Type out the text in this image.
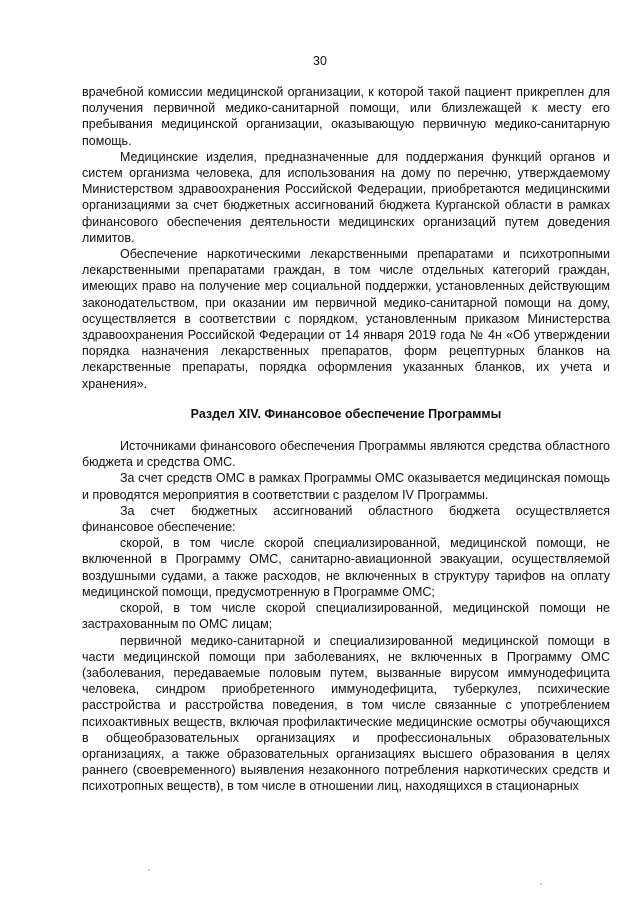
30

врачебной комиссии медицинской организации, к которой такой пациент прикреплен для получения первичной медико-санитарной помощи, или близлежащей к месту его пребывания медицинской организации, оказывающую первичную медико-санитарную помощь.

Медицинские изделия, предназначенные для поддержания функций органов и систем организма человека, для использования на дому по перечню, утверждаемому Министерством здравоохранения Российской Федерации, приобретаются медицинскими организациями за счет бюджетных ассигнований бюджета Курганской области в рамках финансового обеспечения деятельности медицинских организаций путем доведения лимитов.

Обеспечение наркотическими лекарственными препаратами и психотропными лекарственными препаратами граждан, в том числе отдельных категорий граждан, имеющих право на получение мер социальной поддержки, установленных действующим законодательством, при оказании им первичной медико-санитарной помощи на дому, осуществляется в соответствии с порядком, установленным приказом Министерства здравоохранения Российской Федерации от 14 января 2019 года № 4н «Об утверждении порядка назначения лекарственных препаратов, форм рецептурных бланков на лекарственные препараты, порядка оформления указанных бланков, их учета и хранения».

Раздел XIV. Финансовое обеспечение Программы

Источниками финансового обеспечения Программы являются средства областного бюджета и средства ОМС.

За счет средств ОМС в рамках Программы ОМС оказывается медицинская помощь и проводятся мероприятия в соответствии с разделом IV Программы.

За счет бюджетных ассигнований областного бюджета осуществляется финансовое обеспечение:

скорой, в том числе скорой специализированной, медицинской помощи, не включенной в Программу ОМС, санитарно-авиационной эвакуации, осуществляемой воздушными судами, а также расходов, не включенных в структуру тарифов на оплату медицинской помощи, предусмотренную в Программе ОМС;

скорой, в том числе скорой специализированной, медицинской помощи не застрахованным по ОМС лицам;

первичной медико-санитарной и специализированной медицинской помощи в части медицинской помощи при заболеваниях, не включенных в Программу ОМС (заболевания, передаваемые половым путем, вызванные вирусом иммунодефицита человека, синдром приобретенного иммунодефицита, туберкулез, психические расстройства и расстройства поведения, в том числе связанные с употреблением психоактивных веществ, включая профилактические медицинские осмотры обучающихся в общеобразовательных организациях и профессиональных образовательных организациях, а также образовательных организациях высшего образования в целях раннего (своевременного) выявления незаконного потребления наркотических средств и психотропных веществ), в том числе в отношении лиц, находящихся в стационарных
